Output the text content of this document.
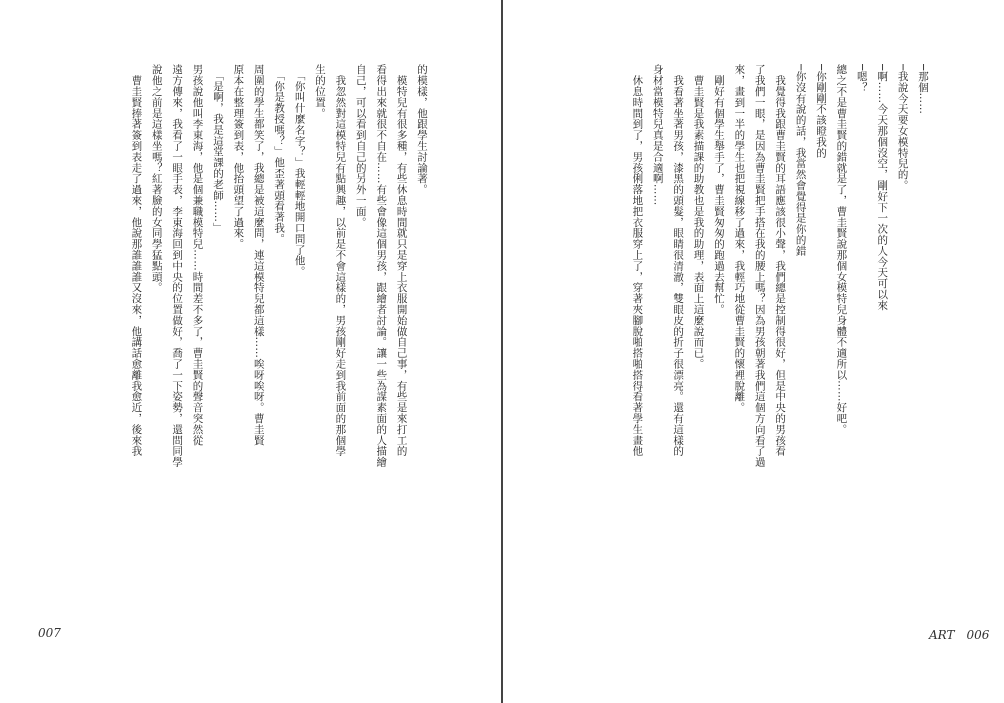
的模樣，他跟學生討論著。

　模特兒有很多種，有些休息時間就只是穿上衣服開始做自己事，有些是來打工的

看得出來就很不自在……有些會像這個男孩，跟繪者討論。讓一些為謀素面的人描繪

自己，可以看到自己的另外一面。

　我忽然對這模特兒有點興趣，以前是不會這樣的，男孩剛好走到我前面的那個學

生的位置。

　「你叫什麼名字？」我輕輕地開口問了他。

　「你是教授嗎？」他歪著頭看著我。

周圍的學生都笑了，我總是被這麼問，連這模特兒都這樣……唉呀唉呀。曹圭賢

原本在整理簽到表，他抬頭望了過來。

　「是啊，我是這堂課的老師……」

男孩說他叫李東海，他是個兼職模特兒……時間差不多了，曹圭賢的聲音突然從

遠方傳來，我看了一眼手表，李東海回到中央的位置做好，喬了一下姿勢，還問同學

說他之前是這樣坐嗎？紅著臉的女同學猛點頭。

　曹圭賢捧著簽到表走了過來，他說那誰誰誰又沒來，他講話愈離我愈近，後來我

007

─那個……

─我說今天要女模特兒的。

─啊……今天那個沒空，剛好下一次的人今天可以來

─嗯？

總之不是曹圭賢的錯就是了，曹圭賢說那個女模特兒身體不適所以……好吧。

─你剛剛不該瞪我的

─你沒有說的話，我當然會覺得是你的錯

　我覺得我跟曹圭賢的耳語應該很小聲，我們總是控制得很好，但是中央的男孩看

了我們一眼，是因為曹圭賢把手搭在我的腰上嗎？因為男孩朝著我們這個方向看了過

來，畫到一半的學生也把視線移了過來，我輕巧地從曹圭賢的懷裡脫離。

　剛好有個學生舉手了，曹圭賢匆匆的跑過去幫忙。

　曹圭賢是我素描課的助教也是我的助理，表面上這麼說而已。

　我看著坐著男孩，漆黑的頭髮，眼睛很清澈，雙眼皮的折子很漂亮。還有這樣的

身材當模特兒真是合適啊……

　休息時間到了，男孩俐落地把衣服穿上了，穿著夾腳脫啪搭啪搭得看著學生畫他

ART　006
